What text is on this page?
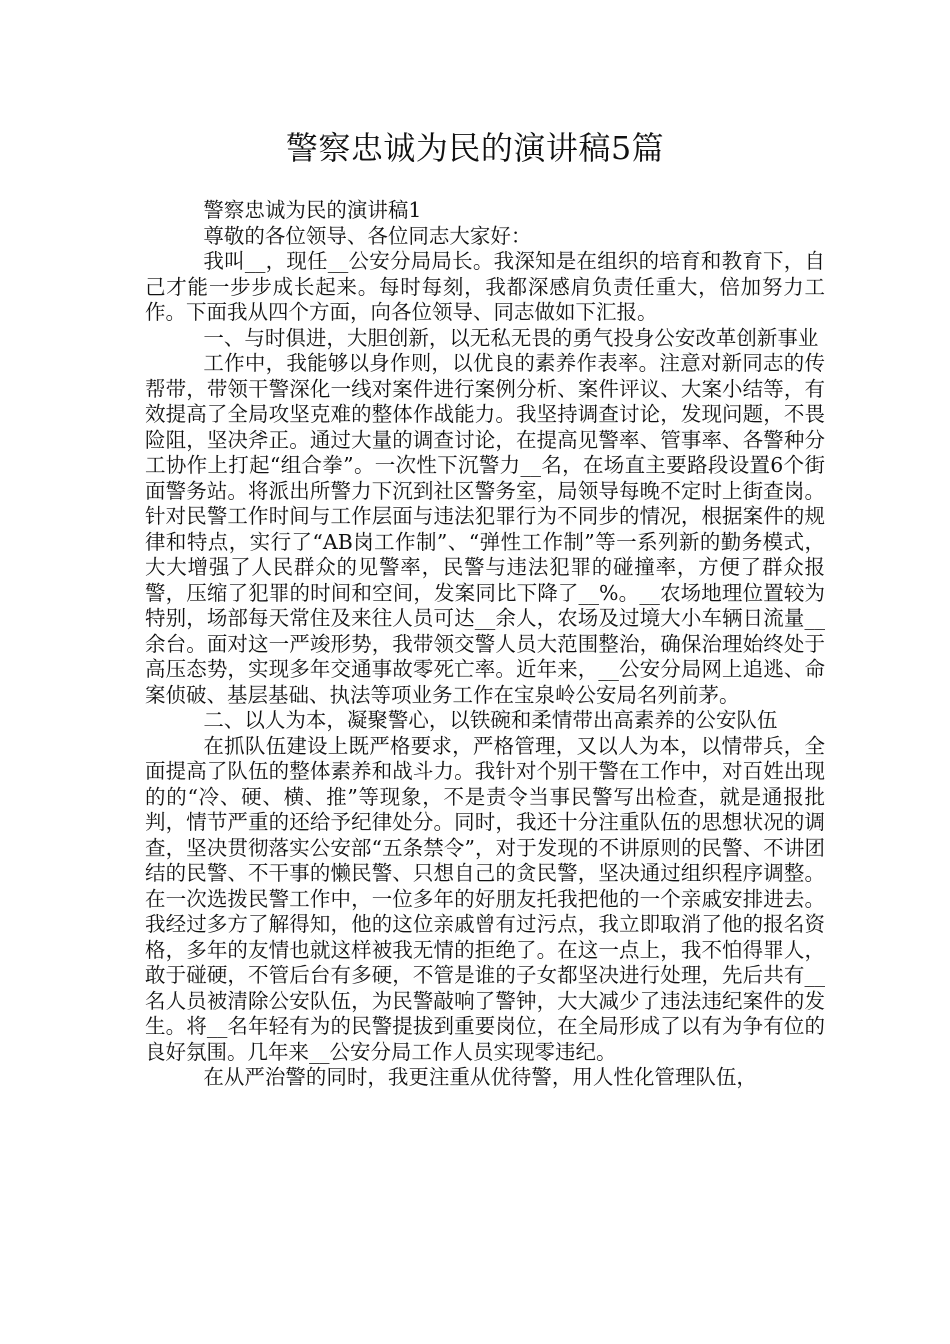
警察忠诚为民的演讲稿5篇

警察忠诚为民的演讲稿1

尊敬的各位领导、各位同志大家好：

我叫__，现任__公安分局局长。我深知是在组织的培育和教育下，自己才能一步步成长起来。每时每刻，我都深感肩负责任重大，倍加努力工作。下面我从四个方面，向各位领导、同志做如下汇报。

一、与时俱进，大胆创新，以无私无畏的勇气投身公安改革创新事业

工作中，我能够以身作则，以优良的素养作表率。注意对新同志的传帮带，带领干警深化一线对案件进行案例分析、案件评议、大案小结等，有效提高了全局攻坚克难的整体作战能力。我坚持调查讨论，发现问题，不畏险阻，坚决斧正。通过大量的调查讨论，在提高见警率、管事率、各警种分工协作上打起“组合拳”。一次性下沉警力__名，在场直主要路段设置6个街面警务站。将派出所警力下沉到社区警务室，局领导每晚不定时上街查岗。针对民警工作时间与工作层面与违法犯罪行为不同步的情况，根据案件的规律和特点，实行了“AB岗工作制”、“弹性工作制”等一系列新的勤务模式，大大增强了人民群众的见警率，民警与违法犯罪的碰撞率，方便了群众报警，压缩了犯罪的时间和空间，发案同比下降了__%。__农场地理位置较为特别，场部每天常住及来往人员可达__余人，农场及过境大小车辆日流量__余台。面对这一严竣形势，我带领交警人员大范围整治，确保治理始终处于高压态势，实现多年交通事故零死亡率。近年来，__公安分局网上追逃、命案侦破、基层基础、执法等项业务工作在宝泉岭公安局名列前茅。

二、以人为本，凝聚警心，以铁碗和柔情带出高素养的公安队伍

在抓队伍建设上既严格要求，严格管理，又以人为本，以情带兵，全面提高了队伍的整体素养和战斗力。我针对个别干警在工作中，对百姓出现的的“冷、硬、横、推”等现象，不是责令当事民警写出检查，就是通报批判，情节严重的还给予纪律处分。同时，我还十分注重队伍的思想状况的调查，坚决贯彻落实公安部“五条禁令”，对于发现的不讲原则的民警、不讲团结的民警、不干事的懒民警、只想自己的贪民警，坚决通过组织程序调整。在一次选拨民警工作中，一位多年的好朋友托我把他的一个亲戚安排进去。我经过多方了解得知，他的这位亲戚曾有过污点，我立即取消了他的报名资格，多年的友情也就这样被我无情的拒绝了。在这一点上，我不怕得罪人，敢于碰硬，不管后台有多硬，不管是谁的子女都坚决进行处理，先后共有__名人员被清除公安队伍，为民警敲响了警钟，大大减少了违法违纪案件的发生。将__名年轻有为的民警提拔到重要岗位，在全局形成了以有为争有位的良好氛围。几年来__公安分局工作人员实现零违纪。

在从严治警的同时，我更注重从优待警，用人性化管理队伍，
